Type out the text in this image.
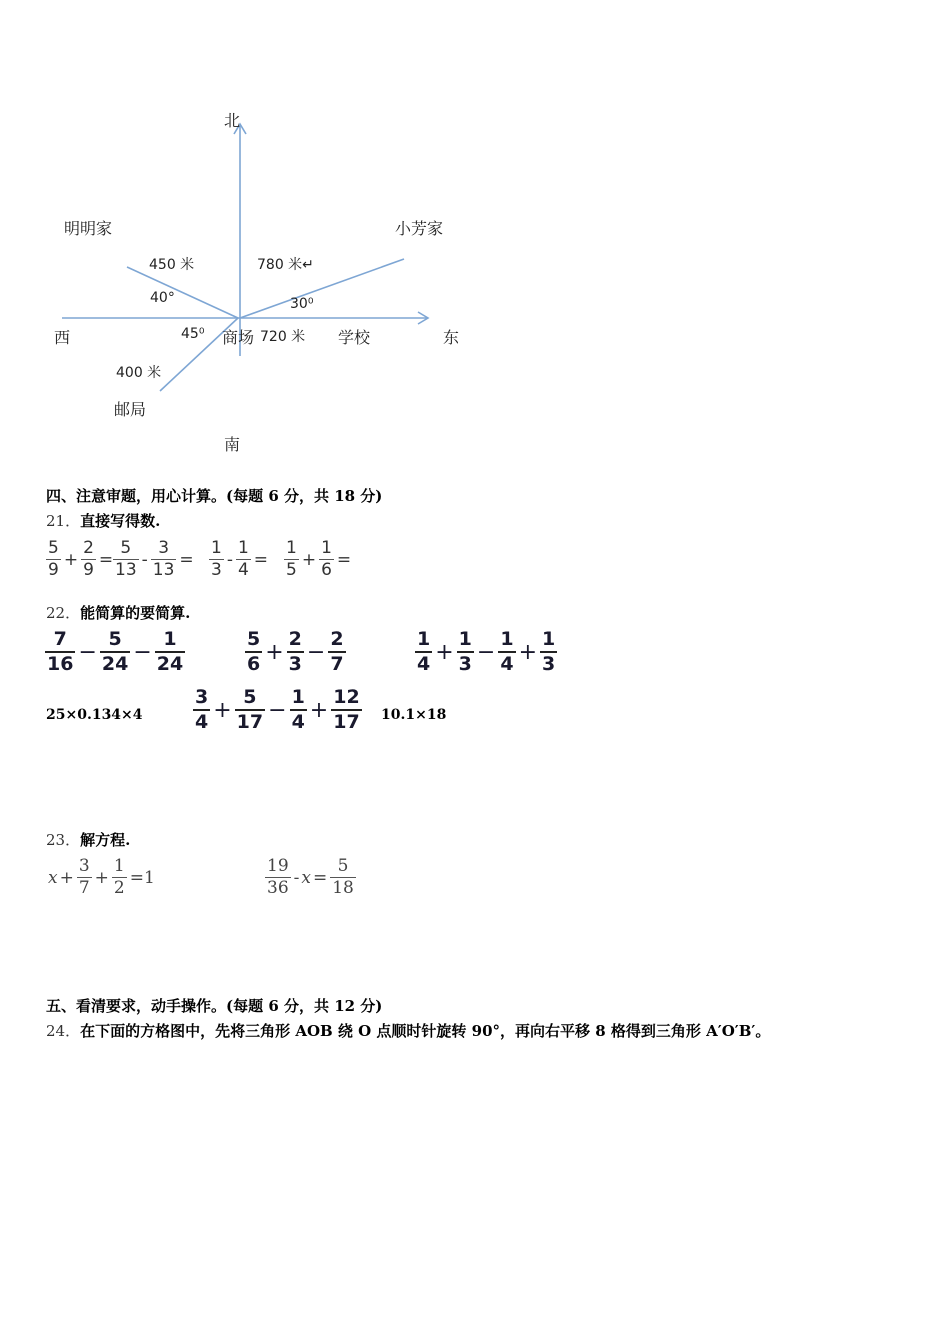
北
南
西	东
商场
明明家
450 米
40°
小芳家
780 米↵
30⁰
720 米 学校
45⁰
400 米
邮局
四、注意审题，用心计算。(每题 6 分，共 18 分)
21．直接写得数.
$\frac{5}{9} + \frac{2}{9} = \frac{5}{13} - \frac{3}{13} = \frac{1}{3} - \frac{1}{4} = \frac{1}{5} + \frac{1}{6}$ =
22．能简算的要简算.
$\frac{7}{16} - \frac{5}{24} - \frac{1}{24}$	$\frac{5}{6} + \frac{2}{3} - \frac{2}{7}$	$\frac{1}{4} + \frac{1}{3} - \frac{1}{4} + \frac{1}{3}$
25×0.134×4	$\frac{3}{4} + \frac{5}{17} - \frac{1}{4} + \frac{12}{17} 10.1\times 18$
23．解方程.
$x + \frac{3}{7} + \frac{1}{2} =1$	$\frac{19}{36} - x = \frac{5}{18}$
五、看清要求，动手操作。(每题 6 分，共 12 分)
24．在下面的方格图中，先将三角形 AOB 绕 O 点顺时针旋转 90°，再向右平移 8 格得到三角形 A′O′B′。
